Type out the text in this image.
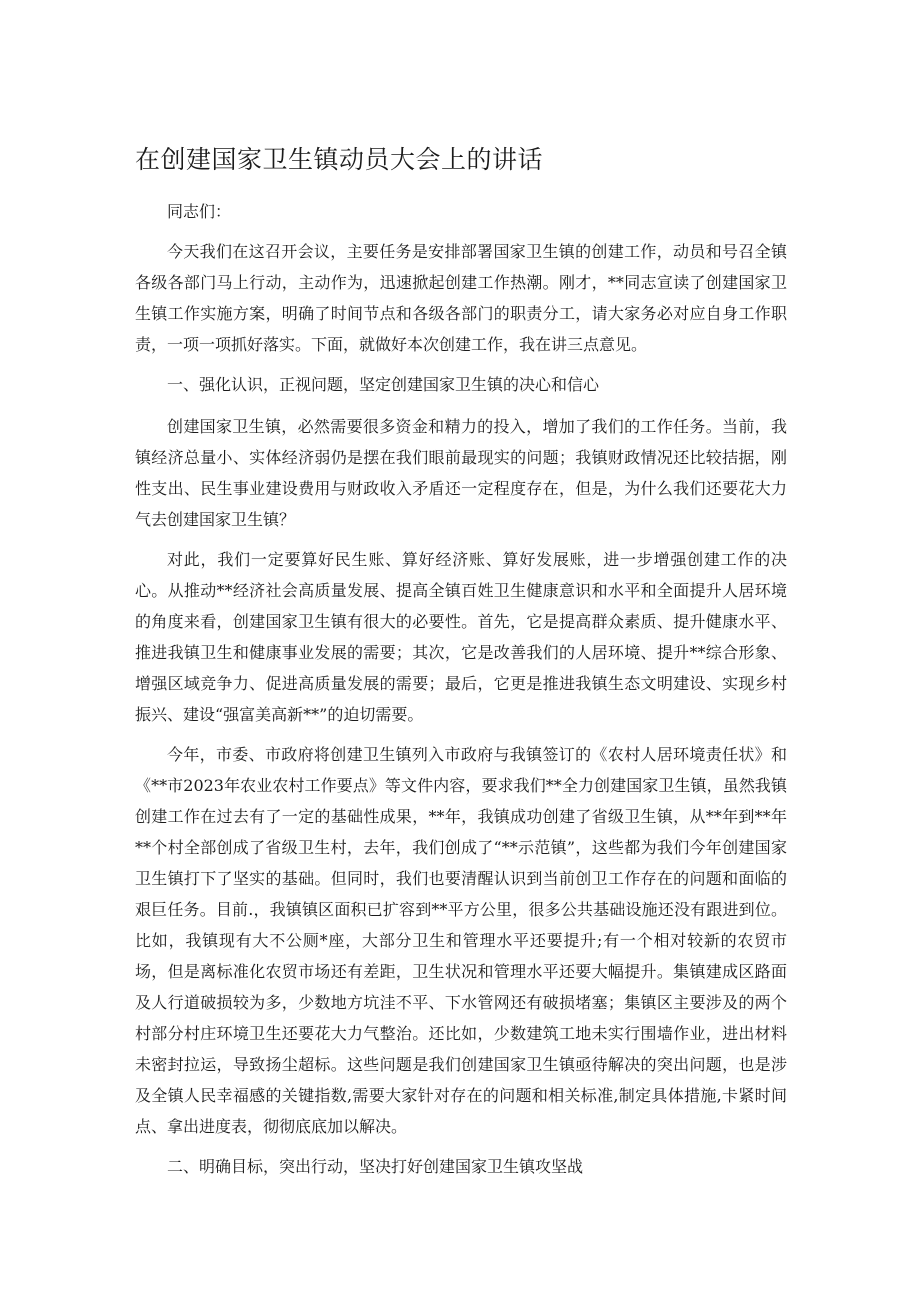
在创建国家卫生镇动员大会上的讲话

同志们：

今天我们在这召开会议，主要任务是安排部署国家卫生镇的创建工作，动员和号召全镇各级各部门马上行动，主动作为，迅速掀起创建工作热潮。刚才，**同志宣读了创建国家卫生镇工作实施方案，明确了时间节点和各级各部门的职责分工，请大家务必对应自身工作职责，一项一项抓好落实。下面，就做好本次创建工作，我在讲三点意见。

一、强化认识，正视问题，坚定创建国家卫生镇的决心和信心

创建国家卫生镇，必然需要很多资金和精力的投入，增加了我们的工作任务。当前，我镇经济总量小、实体经济弱仍是摆在我们眼前最现实的问题；我镇财政情况还比较拮据，刚性支出、民生事业建设费用与财政收入矛盾还一定程度存在，但是，为什么我们还要花大力气去创建国家卫生镇？

对此，我们一定要算好民生账、算好经济账、算好发展账，进一步增强创建工作的决心。从推动**经济社会高质量发展、提高全镇百姓卫生健康意识和水平和全面提升人居环境的角度来看，创建国家卫生镇有很大的必要性。首先，它是提高群众素质、提升健康水平、推进我镇卫生和健康事业发展的需要；其次，它是改善我们的人居环境、提升**综合形象、增强区域竞争力、促进高质量发展的需要；最后，它更是推进我镇生态文明建设、实现乡村振兴、建设“强富美高新**”的迫切需要。

今年，市委、市政府将创建卫生镇列入市政府与我镇签订的《农村人居环境责任状》和《**市2023年农业农村工作要点》等文件内容，要求我们**全力创建国家卫生镇，虽然我镇创建工作在过去有了一定的基础性成果，**年，我镇成功创建了省级卫生镇，从**年到**年**个村全部创成了省级卫生村，去年，我们创成了“**示范镇”，这些都为我们今年创建国家卫生镇打下了坚实的基础。但同时，我们也要清醒认识到当前创卫工作存在的问题和面临的艰巨任务。目前.，我镇镇区面积已扩容到**平方公里，很多公共基础设施还没有跟进到位。比如，我镇现有大不公厕*座，大部分卫生和管理水平还要提升;有一个相对较新的农贸市场，但是离标准化农贸市场还有差距，卫生状况和管理水平还要大幅提升。集镇建成区路面及人行道破损较为多，少数地方坑洼不平、下水管网还有破损堵塞；集镇区主要涉及的两个村部分村庄环境卫生还要花大力气整治。还比如，少数建筑工地未实行围墙作业，进出材料未密封拉运，导致扬尘超标。这些问题是我们创建国家卫生镇亟待解决的突出问题，也是涉及全镇人民幸福感的关键指数,需要大家针对存在的问题和相关标准,制定具体措施,卡紧时间点、拿出进度表，彻彻底底加以解决。

二、明确目标，突出行动，坚决打好创建国家卫生镇攻坚战
